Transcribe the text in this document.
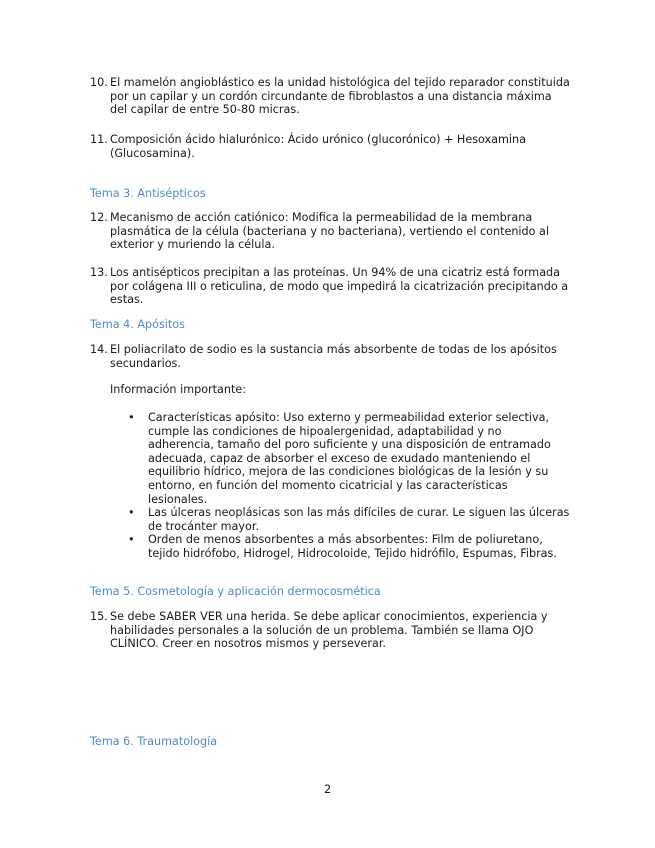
10. El mamelón angioblástico es la unidad histológica del tejido reparador constituida por un capilar y un cordón circundante de fibroblastos a una distancia máxima del capilar de entre 50-80 micras.
11. Composición ácido hialurónico: Ácido urónico (glucorónico) + Hesoxamina (Glucosamina).
Tema 3. Antisépticos
12. Mecanismo de acción catiónico: Modifica la permeabilidad de la membrana plasmática de la célula (bacteriana y no bacteriana), vertiendo el contenido al exterior y muriendo la célula.
13. Los antisépticos precipitan a las proteínas. Un 94% de una cicatriz está formada por colágena III o reticulina, de modo que impedirá la cicatrización precipitando a estas.
Tema 4. Apósitos
14. El poliacrilato de sodio es la sustancia más absorbente de todas de los apósitos secundarios.
Información importante:
•	Características apósito: Uso externo y permeabilidad exterior selectiva, cumple las condiciones de hipoalergenidad, adaptabilidad y no adherencia, tamaño del poro suficiente y una disposición de entramado adecuada, capaz de absorber el exceso de exudado manteniendo el equilibrio hídrico, mejora de las condiciones biológicas de la lesión y su entorno, en función del momento cicatricial y las características lesionales.
•	Las úlceras neoplásicas son las más difíciles de curar. Le siguen las úlceras de trocánter mayor.
•	Orden de menos absorbentes a más absorbentes: Film de poliuretano, tejido hidrófobo, Hidrogel, Hidrocoloide, Tejido hidrófilo, Espumas, Fibras.
Tema 5. Cosmetología y aplicación dermocosmética
15. Se debe SABER VER una herida. Se debe aplicar conocimientos, experiencia y habilidades personales a la solución de un problema. También se llama OJO CLÍNICO. Creer en nosotros mismos y perseverar.
Tema 6. Traumatología
2
